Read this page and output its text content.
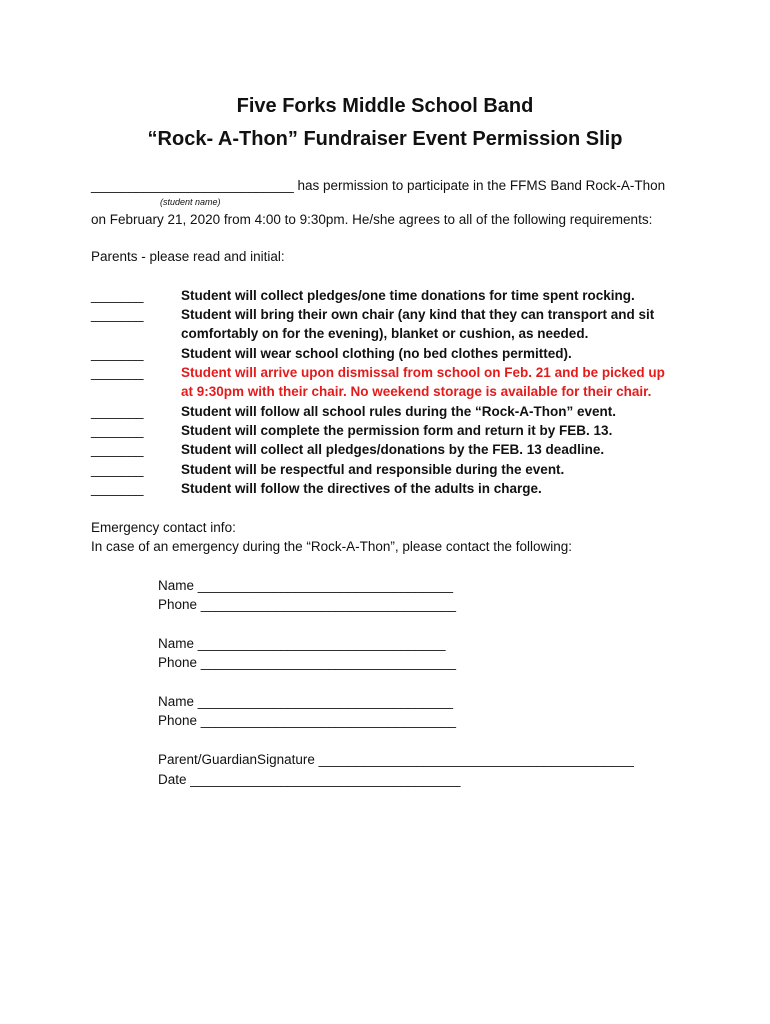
Five Forks Middle School Band
“Rock- A-Thon” Fundraiser Event Permission Slip
___________________________ has permission to participate in the FFMS Band Rock-A-Thon
(student name)
on February 21, 2020 from 4:00 to 9:30pm. He/she agrees to all of the following requirements:
Parents - please read and initial:
_______	Student will collect pledges/one time donations for time spent rocking.
_______	Student will bring their own chair (any kind that they can transport and sit
comfortably on for the evening), blanket or cushion, as needed.
_______	Student will wear school clothing (no bed clothes permitted).
_______	Student will arrive upon dismissal from school on Feb. 21 and be picked up
at 9:30pm with their chair. No weekend storage is available for their chair.
_______	Student will follow all school rules during the “Rock-A-Thon” event.
_______	Student will complete the permission form and return it by FEB. 13.
_______	Student will collect all pledges/donations by the FEB. 13 deadline.
_______	Student will be respectful and responsible during the event.
_______	Student will follow the directives of the adults in charge.
Emergency contact info:
In case of an emergency during the “Rock-A-Thon”, please contact the following:
Name __________________________________
Phone __________________________________
Name _________________________________
Phone __________________________________
Name __________________________________
Phone __________________________________
Parent/GuardianSignature __________________________________________
Date ____________________________________
